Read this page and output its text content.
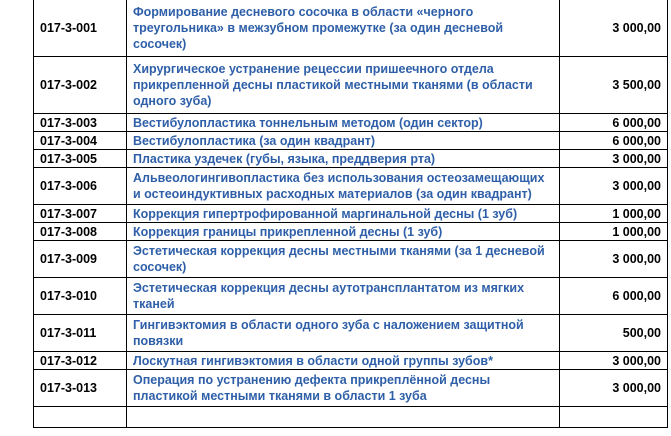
017-3-001	Формирование десневого сосочка в области «черного треугольника» в межзубном промежутке (за один десневой сосочек)	3 000,00
017-3-002	Хирургическое устранение рецессии пришеечного отдела прикрепленной десны пластикой местными тканями (в области одного зуба)	3 500,00
017-3-003	Вестибулопластика тоннельным методом (один сектор)	6 000,00
017-3-004	Вестибулопластика (за один квадрант)	6 000,00
017-3-005	Пластика уздечек (губы, языка, преддверия рта)	3 000,00
017-3-006	Альвеологингивопластика без использования остеозамещающих и остеоиндуктивных расходных материалов (за один квадрант)	3 000,00
017-3-007	Коррекция гипертрофированной маргинальной десны (1 зуб)	1 000,00
017-3-008	Коррекция границы прикрепленной десны (1 зуб)	1 000,00
017-3-009	Эстетическая коррекция десны местными тканями (за 1 десневой сосочек)	3 000,00
017-3-010	Эстетическая коррекция десны аутотрансплантатом из мягких тканей	6 000,00
017-3-011	Гингивэктомия в области одного зуба с наложением защитной повязки	500,00
017-3-012	Лоскутная гингивэктомия в области одной группы зубов*	3 000,00
017-3-013	Операция по устранению дефекта прикреплённой десны пластикой местными тканями в области 1 зуба	3 000,00
